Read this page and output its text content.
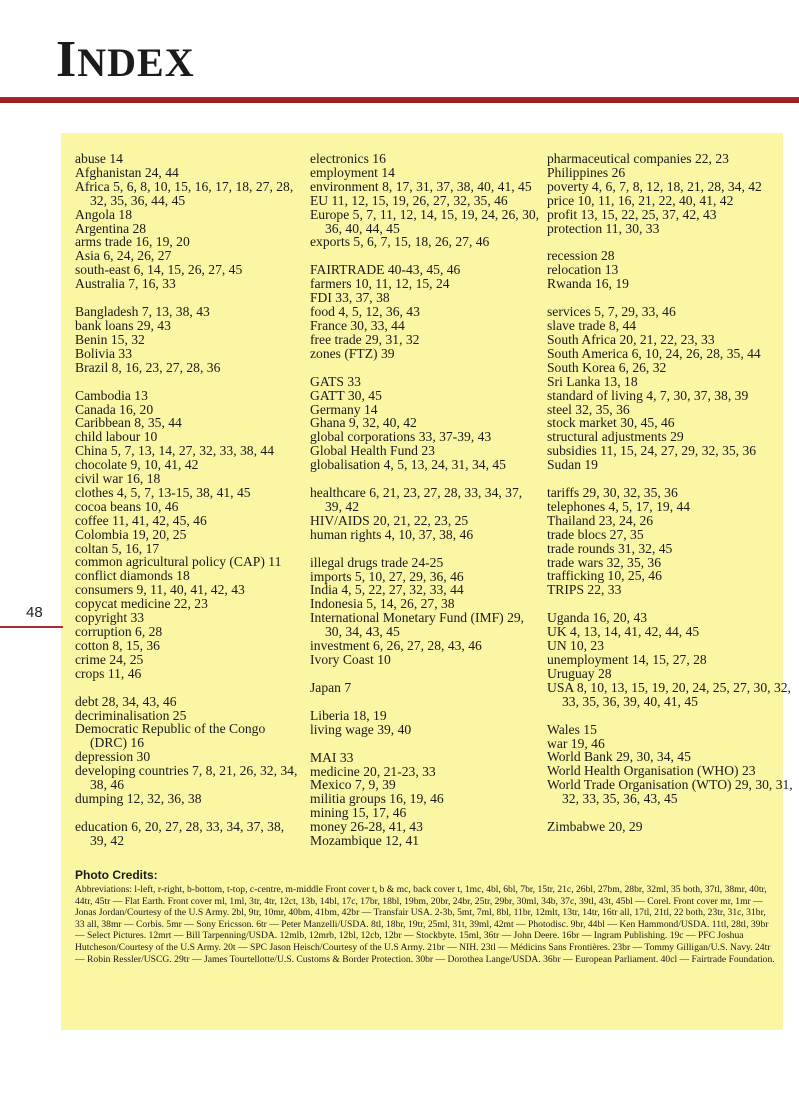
INDEX
abuse 14
Afghanistan 24, 44
Africa 5, 6, 8, 10, 15, 16, 17, 18, 27, 28, 32, 35, 36, 44, 45
Angola 18
Argentina 28
arms trade 16, 19, 20
Asia 6, 24, 26, 27
south-east 6, 14, 15, 26, 27, 45
Australia 7, 16, 33
Bangladesh 7, 13, 38, 43
bank loans 29, 43
Benin 15, 32
Bolivia 33
Brazil 8, 16, 23, 27, 28, 36
Cambodia 13
Canada 16, 20
Caribbean 8, 35, 44
child labour 10
China 5, 7, 13, 14, 27, 32, 33, 38, 44
chocolate 9, 10, 41, 42
civil war 16, 18
clothes 4, 5, 7, 13-15, 38, 41, 45
cocoa beans 10, 46
coffee 11, 41, 42, 45, 46
Colombia 19, 20, 25
coltan 5, 16, 17
common agricultural policy (CAP) 11
conflict diamonds 18
consumers 9, 11, 40, 41, 42, 43
copycat medicine 22, 23
copyright 33
corruption 6, 28
cotton 8, 15, 36
crime 24, 25
crops 11, 46
debt 28, 34, 43, 46
decriminalisation 25
Democratic Republic of the Congo (DRC) 16
depression 30
developing countries 7, 8, 21, 26, 32, 34, 38, 46
dumping 12, 32, 36, 38
education 6, 20, 27, 28, 33, 34, 37, 38, 39, 42
electronics 16
employment 14
environment 8, 17, 31, 37, 38, 40, 41, 45
EU 11, 12, 15, 19, 26, 27, 32, 35, 46
Europe 5, 7, 11, 12, 14, 15, 19, 24, 26, 30, 36, 40, 44, 45
exports 5, 6, 7, 15, 18, 26, 27, 46
FAIRTRADE 40-43, 45, 46
farmers 10, 11, 12, 15, 24
FDI 33, 37, 38
food 4, 5, 12, 36, 43
France 30, 33, 44
free trade 29, 31, 32
zones (FTZ) 39
GATS 33
GATT 30, 45
Germany 14
Ghana 9, 32, 40, 42
global corporations 33, 37-39, 43
Global Health Fund 23
globalisation 4, 5, 13, 24, 31, 34, 45
healthcare 6, 21, 23, 27, 28, 33, 34, 37, 39, 42
HIV/AIDS 20, 21, 22, 23, 25
human rights 4, 10, 37, 38, 46
illegal drugs trade 24-25
imports 5, 10, 27, 29, 36, 46
India 4, 5, 22, 27, 32, 33, 44
Indonesia 5, 14, 26, 27, 38
International Monetary Fund (IMF) 29, 30, 34, 43, 45
investment 6, 26, 27, 28, 43, 46
Ivory Coast 10
Japan 7
Liberia 18, 19
living wage 39, 40
MAI 33
medicine 20, 21-23, 33
Mexico 7, 9, 39
militia groups 16, 19, 46
mining 15, 17, 46
money 26-28, 41, 43
Mozambique 12, 41
pharmaceutical companies 22, 23
Philippines 26
poverty 4, 6, 7, 8, 12, 18, 21, 28, 34, 42
price 10, 11, 16, 21, 22, 40, 41, 42
profit 13, 15, 22, 25, 37, 42, 43
protection 11, 30, 33
recession 28
relocation 13
Rwanda 16, 19
services 5, 7, 29, 33, 46
slave trade 8, 44
South Africa 20, 21, 22, 23, 33
South America 6, 10, 24, 26, 28, 35, 44
South Korea 6, 26, 32
Sri Lanka 13, 18
standard of living 4, 7, 30, 37, 38, 39
steel 32, 35, 36
stock market 30, 45, 46
structural adjustments 29
subsidies 11, 15, 24, 27, 29, 32, 35, 36
Sudan 19
tariffs 29, 30, 32, 35, 36
telephones 4, 5, 17, 19, 44
Thailand 23, 24, 26
trade blocs 27, 35
trade rounds 31, 32, 45
trade wars 32, 35, 36
trafficking 10, 25, 46
TRIPS 22, 33
Uganda 16, 20, 43
UK 4, 13, 14, 41, 42, 44, 45
UN 10, 23
unemployment 14, 15, 27, 28
Uruguay 28
USA 8, 10, 13, 15, 19, 20, 24, 25, 27, 30, 32, 33, 35, 36, 39, 40, 41, 45
Wales 15
war 19, 46
World Bank 29, 30, 34, 45
World Health Organisation (WHO) 23
World Trade Organisation (WTO) 29, 30, 31, 32, 33, 35, 36, 43, 45
Zimbabwe 20, 29
48
Photo Credits:

Abbreviations: l-left, r-right, b-bottom, t-top, c-centre, m-middle Front cover t, b & mc, back cover t, 1mc, 4bl, 6bl, 7br, 15tr, 21c, 26bl, 27bm, 28br, 32ml, 35 both, 37tl, 38mr, 40tr, 44tr, 45tr — Flat Earth. Front cover ml, 1ml, 3tr, 4tr, 12ct, 13b, 14bl, 17c, 17br, 18bl, 19bm, 20br, 24br, 25tr, 29br, 30ml, 34b, 37c, 39tl, 43t, 45bl — Corel. Front cover mr, 1mr — Jonas Jordan/Courtesy of the U.S Army. 2bl, 9tr, 10mr, 40bm, 41bm, 42br — Transfair USA. 2-3b, 5mt, 7ml, 8bl, 11br, 12mlt, 13tr, 14tr, 16tr all, 17tl, 21tl, 22 both, 23tr, 31c, 31br, 33 all, 38mr — Corbis. 5mr — Sony Ericsson. 6tr — Peter Manzelli/USDA. 8tl, 18br, 19tr, 25ml, 31t, 39ml, 42mt — Photodisc. 9br, 44bl — Ken Hammond/USDA. 11tl, 28tl, 39br — Select Pictures. 12mrt — Bill Tarpenning/USDA. 12mlb, 12mrb, 12bl, 12cb, 12br — Stockbyte. 15ml, 36tr — John Deere. 16br — Ingram Publishing. 19c — PFC Joshua Hutcheson/Courtesy of the U.S Army. 20t — SPC Jason Heisch/Courtesy of the U.S Army. 21br — NIH. 23tl — Médicins Sans Frontières. 23br — Tommy Gilligan/U.S. Navy. 24tr — Robin Ressler/USCG. 29tr — James Tourtellotte/U.S. Customs & Border Protection. 30br — Dorothea Lange/USDA. 36br — European Parliament. 40cl — Fairtrade Foundation.
